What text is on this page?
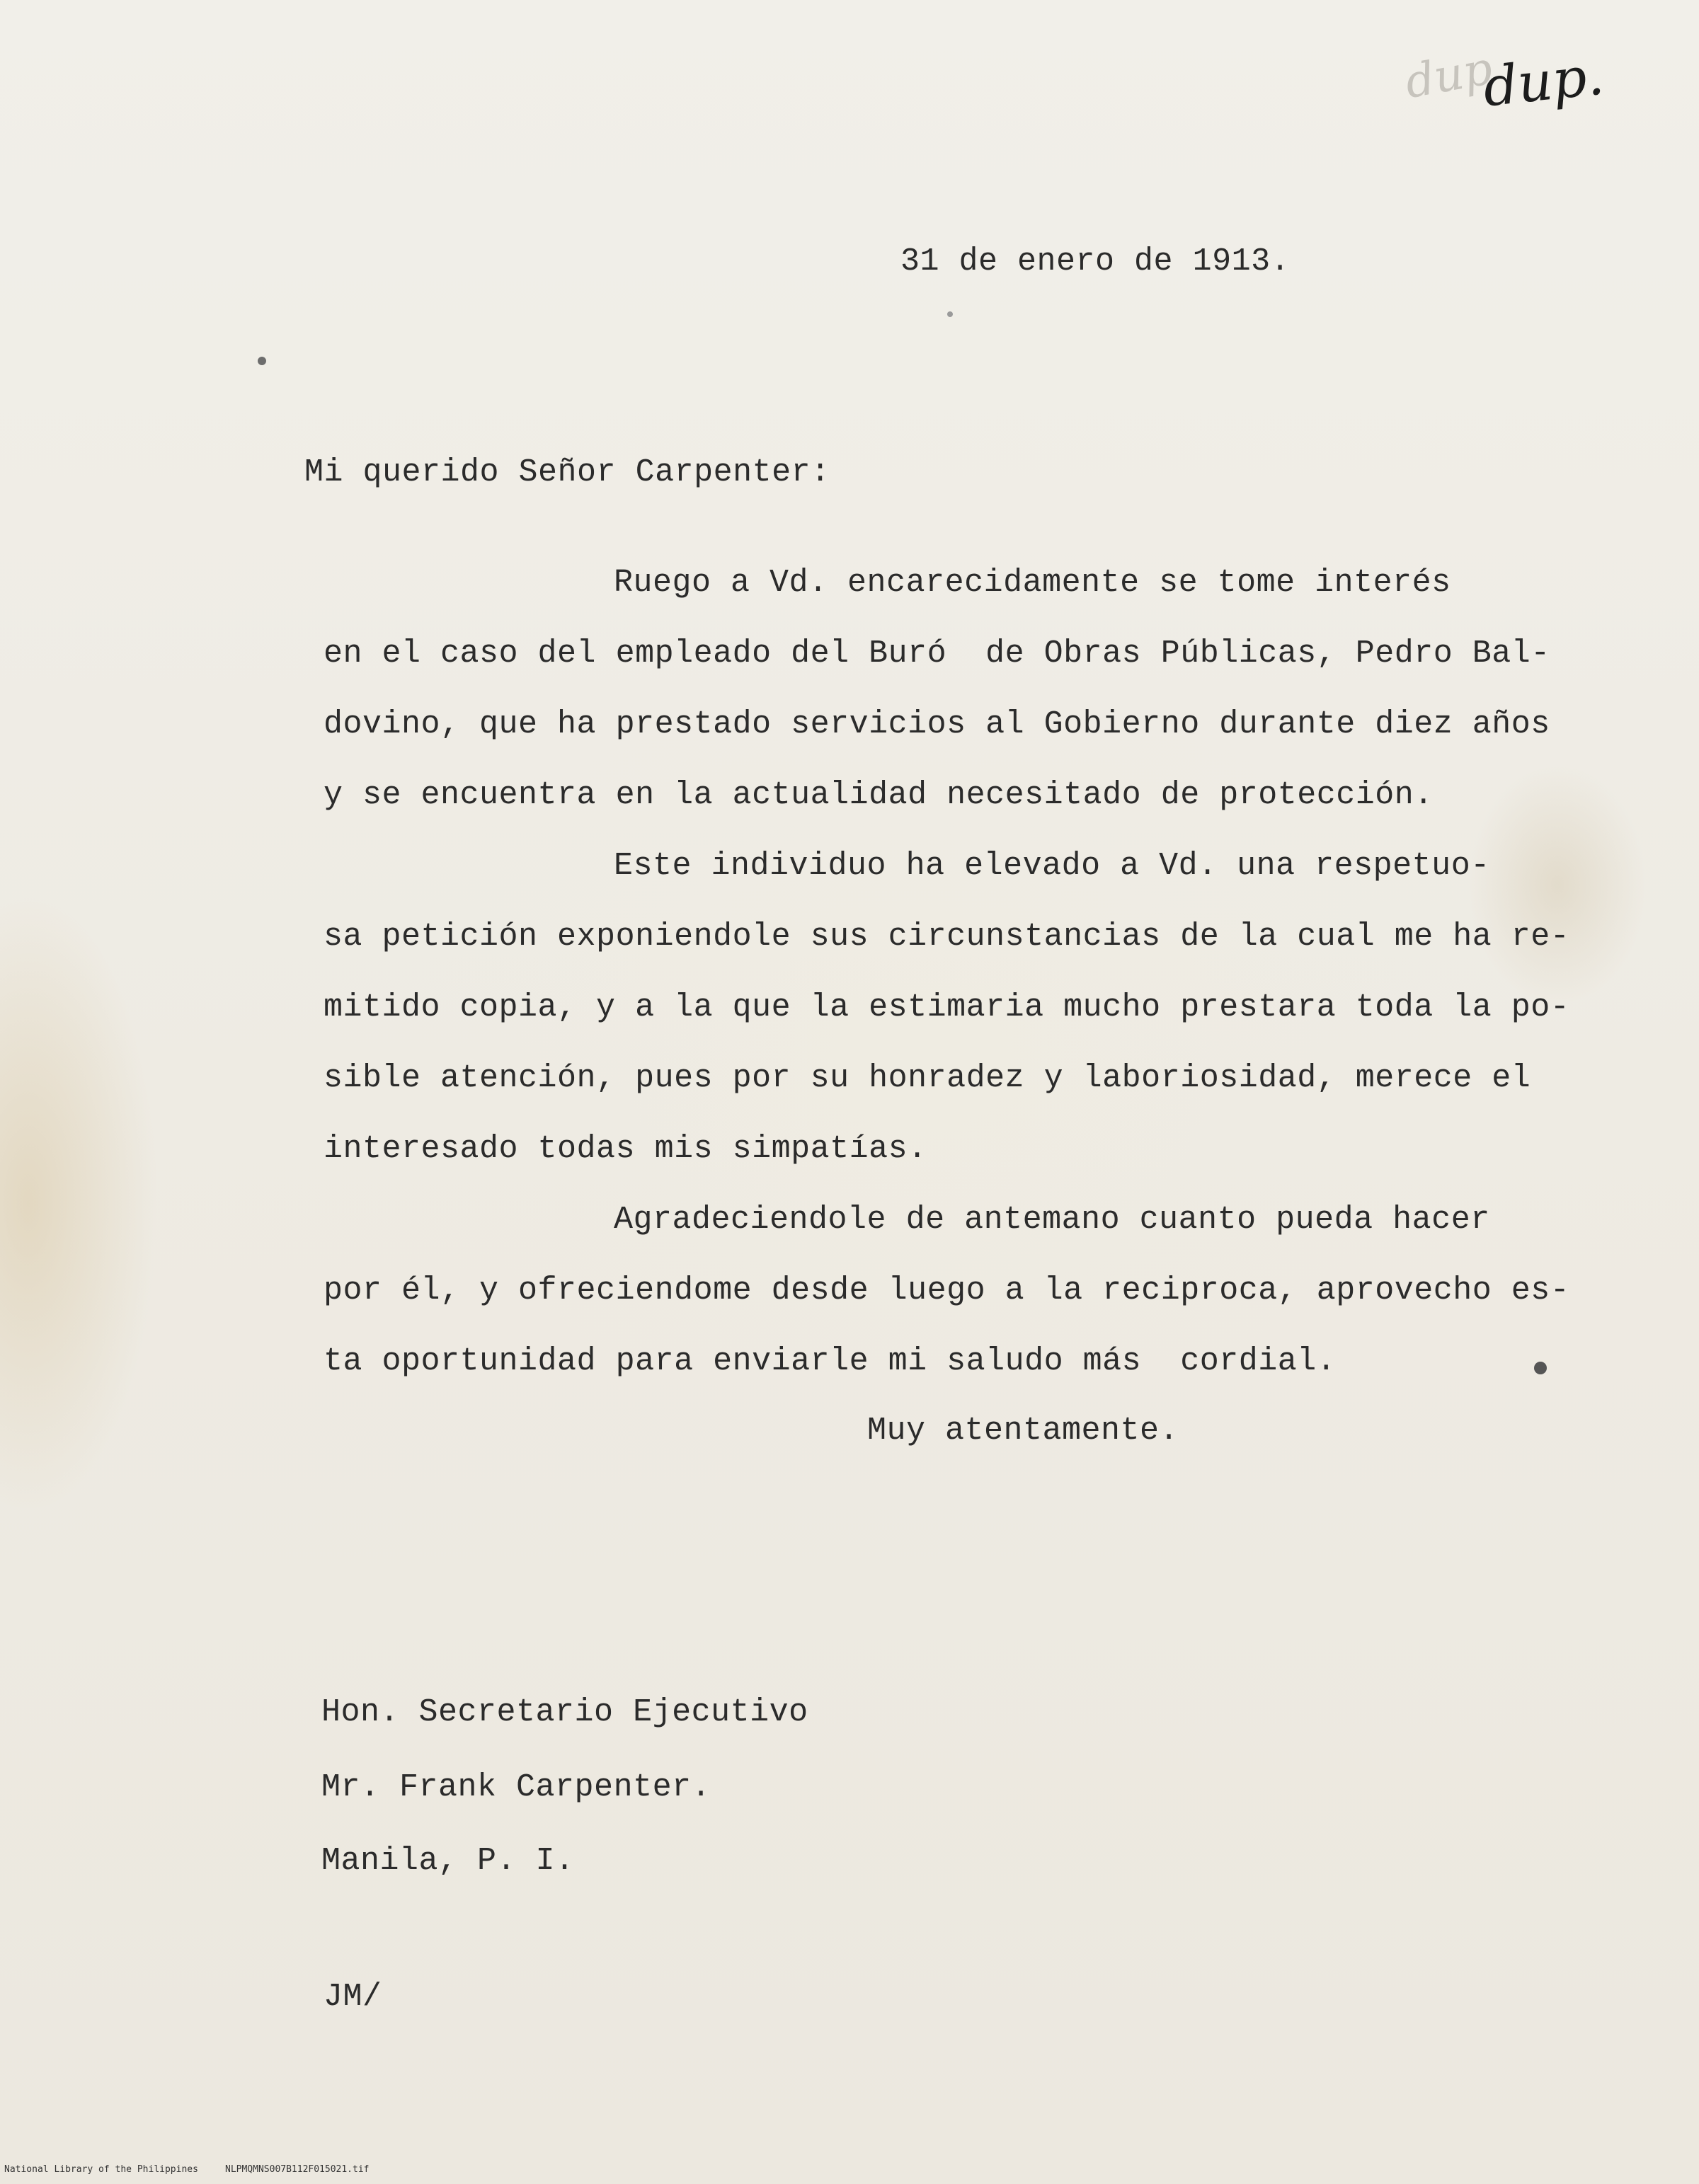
dup
dup.
31 de enero de 1913.
Mi querido Señor Carpenter:
Ruego a Vd. encarecidamente se tome interés
en el caso del empleado del Buró  de Obras Públicas, Pedro Bal-
dovino, que ha prestado servicios al Gobierno durante diez años
y se encuentra en la actualidad necesitado de protección.
Este individuo ha elevado a Vd. una respetuo-
sa petición exponiendole sus circunstancias de la cual me ha re-
mitido copia, y a la que la estimaria mucho prestara toda la po-
sible atención, pues por su honradez y laboriosidad, merece el
interesado todas mis simpatías.
Agradeciendole de antemano cuanto pueda hacer
por él, y ofreciendome desde luego a la reciproca, aprovecho es-
ta oportunidad para enviarle mi saludo más  cordial.
Muy atentamente.
Hon. Secretario Ejecutivo
Mr. Frank Carpenter.
Manila, P. I.
JM/
National Library of the Philippines	NLPMQMNS007B112F015021.tif
